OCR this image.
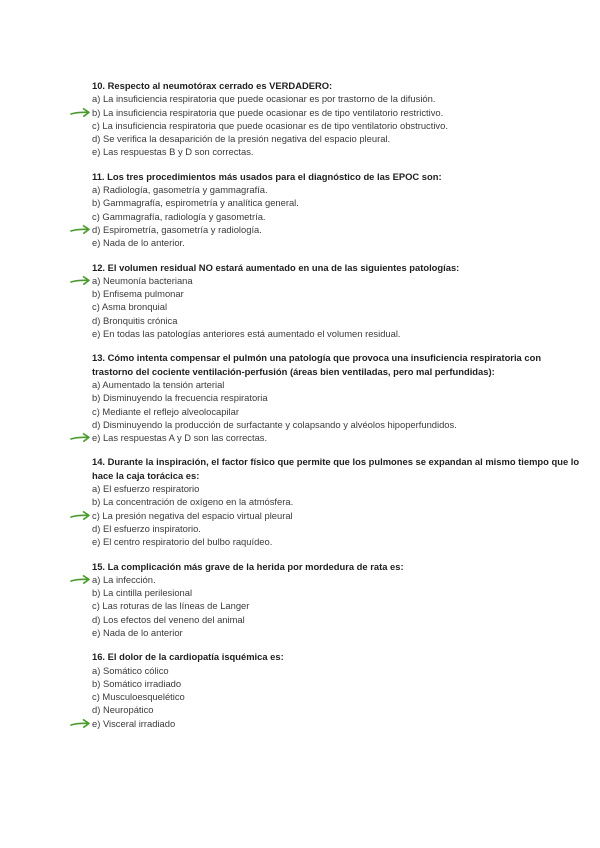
10. Respecto al neumotórax cerrado es VERDADERO:

a) La insuficiencia respiratoria que puede ocasionar es por trastorno de la difusión.
b) La insuficiencia respiratoria que puede ocasionar es de tipo ventilatorio restrictivo.
c) La insuficiencia respiratoria que puede ocasionar es de tipo ventilatorio obstructivo.
d) Se verifica la desaparición de la presión negativa del espacio pleural.
e) Las respuestas B y D son correctas.

11. Los tres procedimientos más usados para el diagnóstico de las EPOC son:

a) Radiología, gasometría y gammagrafía.
b) Gammagrafía, espirometría y analítica general.
c) Gammagrafía, radiología y gasometría.
d) Espirometría, gasometría y radiología.
e) Nada de lo anterior.

12. El volumen residual NO estará aumentado en una de las siguientes patologías:

a) Neumonía bacteriana
b) Enfisema pulmonar
c) Asma bronquial
d) Bronquitis crónica
e) En todas las patologías anteriores está aumentado el volumen residual.

13. Cómo intenta compensar el pulmón una patología que provoca una insuficiencia respiratoria con trastorno del cociente ventilación-perfusión (áreas bien ventiladas, pero mal perfundidas):

a) Aumentado la tensión arterial
b) Disminuyendo la frecuencia respiratoria
c) Mediante el reflejo alveolocapilar
d) Disminuyendo la producción de surfactante y colapsando y alvéolos hipoperfundidos.
e) Las respuestas A y D son las correctas.

14. Durante la inspiración, el factor físico que permite que los pulmones se expandan al mismo tiempo que lo hace la caja torácica es:

a) El esfuerzo respiratorio
b) La concentración de oxígeno en la atmósfera.
c) La presión negativa del espacio virtual pleural
d) El esfuerzo inspiratorio.
e) El centro respiratorio del bulbo raquídeo.

15. La complicación más grave de la herida por mordedura de rata es:

a) La infección.
b) La cintilla perilesional
c) Las roturas de las líneas de Langer
d) Los efectos del veneno del animal
e) Nada de lo anterior

16. El dolor de la cardiopatía isquémica es:

a) Somático cólico
b) Somático irradiado
c) Musculoesquelético
d) Neuropático
e) Visceral irradiado
